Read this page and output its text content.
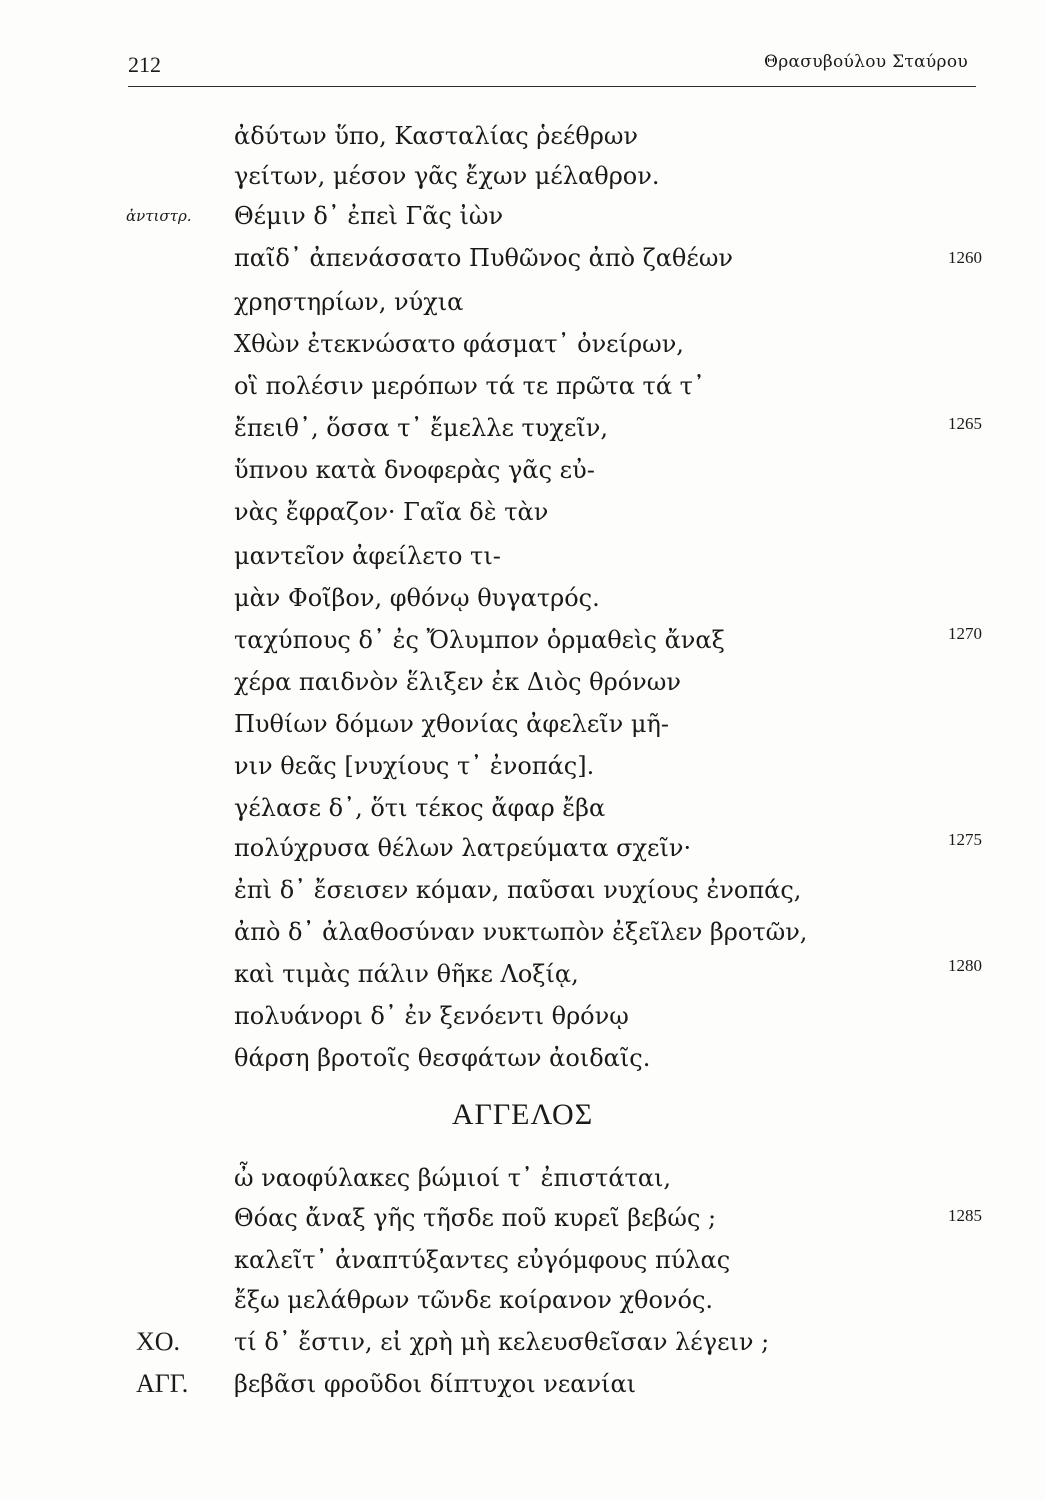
212	Θρασυβούλου Σταύρου
ἀντιστρ.
ἀδύτων ὕπο, Κασταλίας ῥεέθρων
γείτων, μέσον γᾶς ἔχων μέλαθρον.
Θέμιν δ᾽ ἐπεὶ Γᾶς ἰὼν
παῖδ᾽ ἀπενάσσατο Πυθῶνος ἀπὸ ζαθέων
χρηστηρίων, νύχια
Χθὼν ἐτεκνώσατο φάσματ᾽ ὀνείρων,
οἳ πολέσιν μερόπων τά τε πρῶτα τά τ᾽
ἔπειθ᾽, ὅσσα τ᾽ ἔμελλε τυχεῖν,
ὕπνου κατὰ δνοφερὰς γᾶς εὐ-
νὰς ἔφραζον· Γαῖα δὲ τὰν
μαντεῖον ἀφείλετο τι-
μὰν Φοῖβον, φθόνῳ θυγατρός.
ταχύπους δ᾽ ἐς Ὄλυμπον ὁρμαθεὶς ἄναξ
χέρα παιδνὸν ἕλιξεν ἐκ Διὸς θρόνων
Πυθίων δόμων χθονίας ἀφελεῖν μῆ-
νιν θεᾶς [νυχίους τ᾽ ἐνοπάς].
γέλασε δ᾽, ὅτι τέκος ἄφαρ ἔβα
πολύχρυσα θέλων λατρεύματα σχεῖν·
ἐπὶ δ᾽ ἔσεισεν κόμαν, παῦσαι νυχίους ἐνοπάς,
ἀπὸ δ᾽ ἀλαθοσύναν νυκτωπὸν ἐξεῖλεν βροτῶν,
καὶ τιμὰς πάλιν θῆκε Λοξίᾳ,
πολυάνορι δ᾽ ἐν ξενόεντι θρόνῳ
θάρση βροτοῖς θεσφάτων ἀοιδαῖς.
ΑΓΓΕΛΟΣ
ὦ ναοφύλακες βώμιοί τ᾽ ἐπιστάται,
Θόας ἄναξ γῆς τῆσδε ποῦ κυρεῖ βεβώς ;
καλεῖτ᾽ ἀναπτύξαντες εὐγόμφους πύλας
ἔξω μελάθρων τῶνδε κοίρανον χθονός.
ΧΟ. τί δ᾽ ἔστιν, εἰ χρὴ μὴ κελευσθεῖσαν λέγειν ;
ΑΓΓ. βεβᾶσι φροῦδοι δίπτυχοι νεανίαι
1260
1265
1270
1275
1280
1285
